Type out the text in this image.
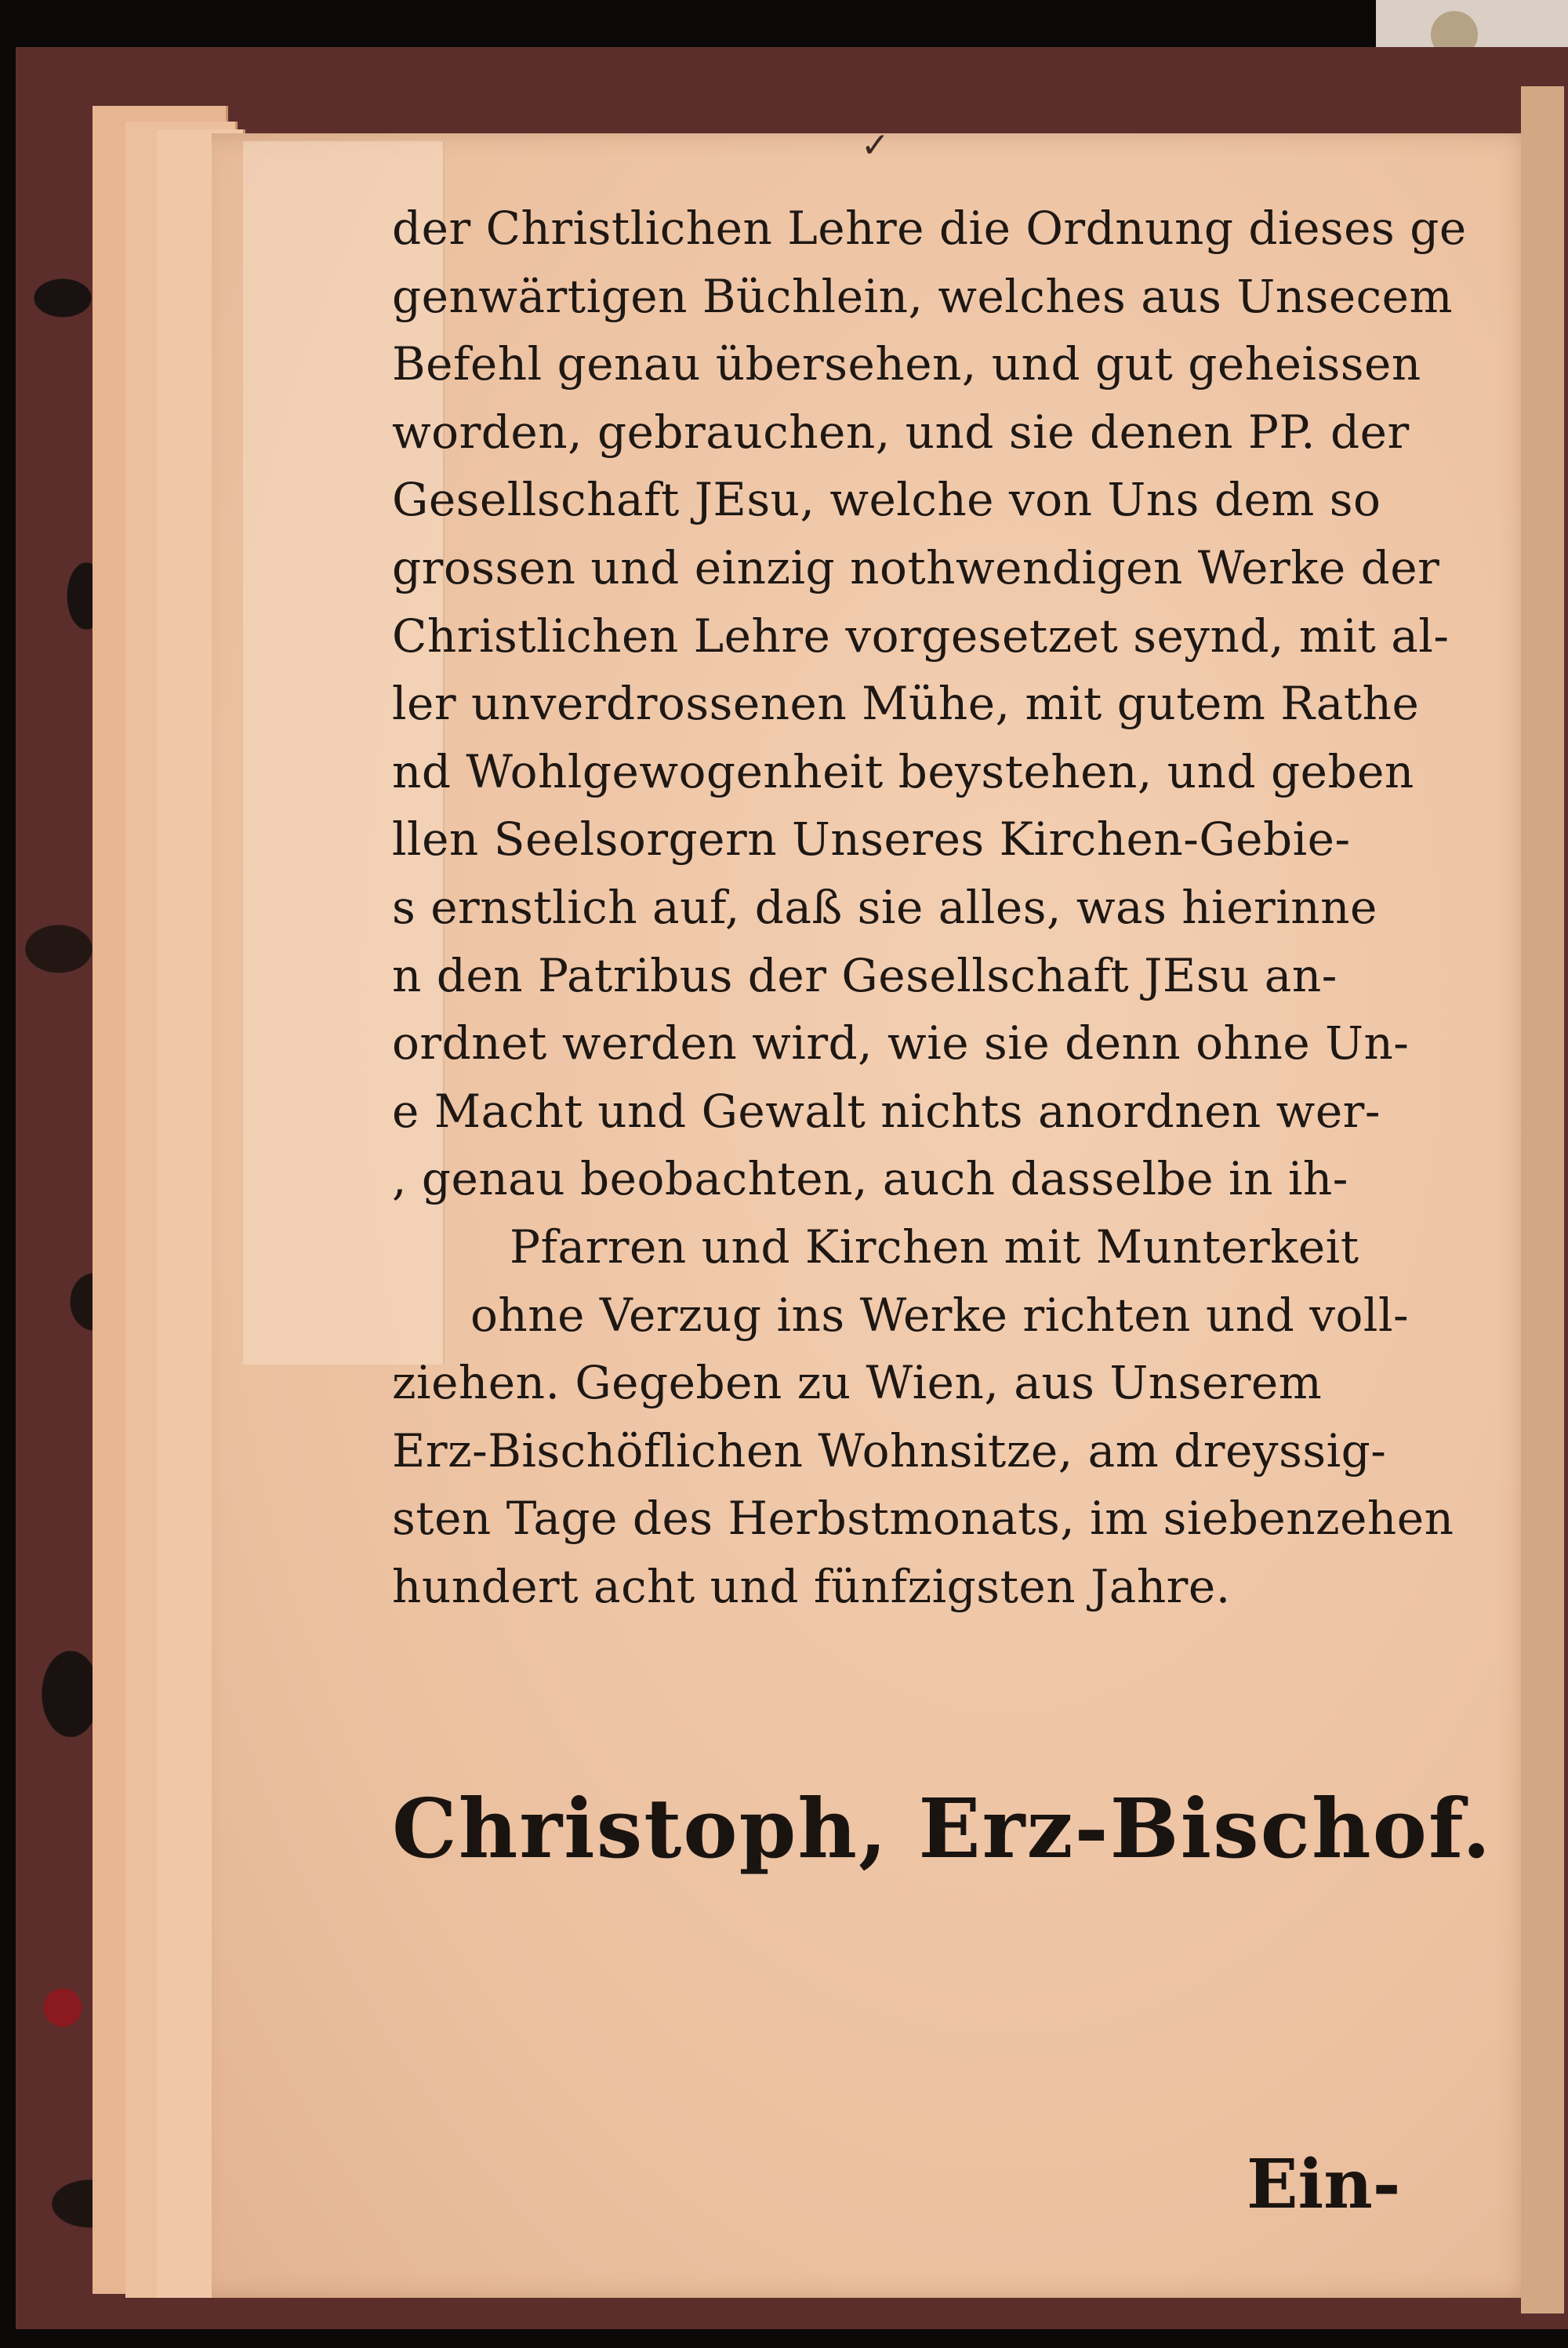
✓
der Christlichen Lehre die Ordnung dieses ge
genwärtigen Büchlein, welches aus Unsecem
Befehl genau übersehen, und gut geheissen
worden, gebrauchen, und sie denen PP. der
Gesellschaft JEsu, welche von Uns dem so
grossen und einzig nothwendigen Werke der
Christlichen Lehre vorgesetzet seynd, mit al-
ler unverdrossenen Mühe, mit gutem Rathe
nd Wohlgewogenheit beystehen, und geben
llen Seelsorgern Unseres Kirchen-Gebie-
s ernstlich auf, daß sie alles, was hierinne
n den Patribus der Gesellschaft JEsu an-
ordnet werden wird, wie sie denn ohne Un-
e Macht und Gewalt nichts anordnen wer-
, genau beobachten, auch dasselbe in ih-
Pfarren und Kirchen mit Munterkeit
ohne Verzug ins Werke richten und voll-
ziehen. Gegeben zu Wien, aus Unserem
Erz-Bischöflichen Wohnsitze, am dreyssig-
sten Tage des Herbstmonats, im siebenzehen
hundert acht und fünfzigsten Jahre.
Christoph, Erz-Bischof.
Ein-
